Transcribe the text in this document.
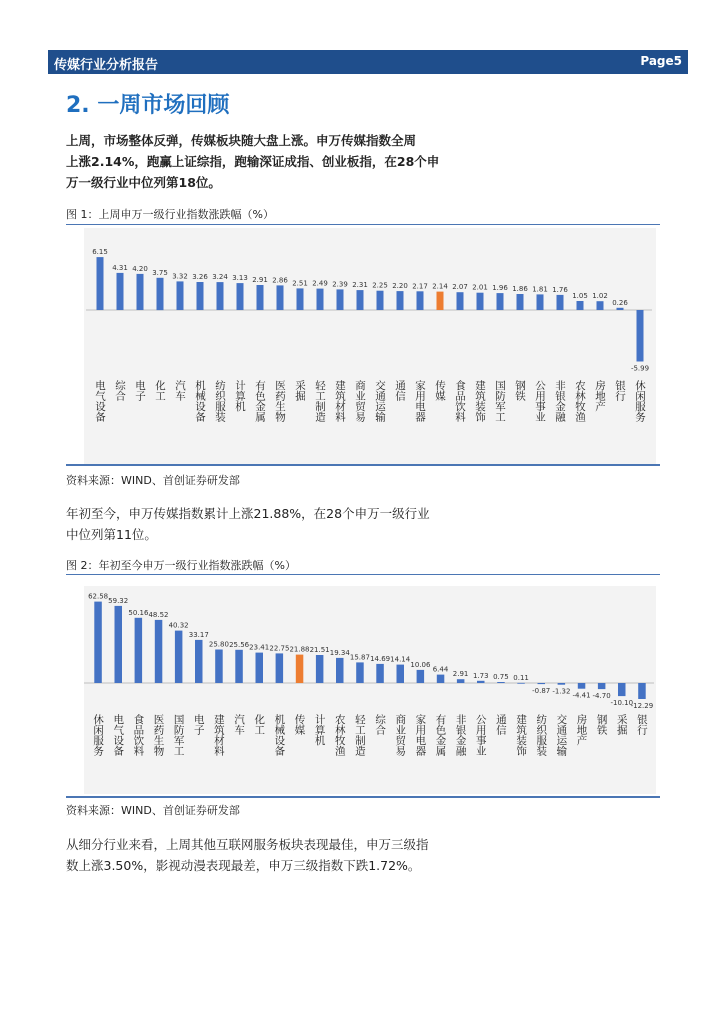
传媒行业分析报告	Page5
2. 一周市场回顾
上周，市场整体反弹，传媒板块随大盘上涨。申万传媒指数全周
上涨2.14%，跑赢上证综指，跑输深证成指、创业板指，在28个申
万一级行业中位列第18位。
图 1：上周申万一级行业指数涨跌幅（%）
6.15
电气设备
4.31
综合
4.20
电子
3.75
化工
3.32
汽车
3.26
机械设备
3.24
纺织服装
3.13
计算机
2.91
有色金属
2.86
医药生物
2.51
采掘
2.49
轻工制造
2.39
建筑材料
2.31
商业贸易
2.25
交通运输
2.20
通信
2.17
家用电器
2.14
传媒
2.07
食品饮料
2.01
建筑装饰
1.96
国防军工
1.86
钢铁
1.81
公用事业
1.76
非银金融
1.05
农林牧渔
1.02
房地产
0.26
银行
-5.99
休闲服务
资料来源：WIND、首创证券研发部
年初至今，申万传媒指数累计上涨21.88%，在28个申万一级行业
中位列第11位。
图 2：年初至今申万一级行业指数涨跌幅（%）
62.58
休闲服务
59.32
电气设备
50.16
食品饮料
48.52
医药生物
40.32
国防军工
33.17
电子
25.80
建筑材料
25.56
汽车
23.41
化工
22.75
机械设备
21.88
传媒
21.51
计算机
19.34
农林牧渔
15.87
轻工制造
14.69
综合
14.14
商业贸易
10.06
家用电器
6.44
有色金属
2.91
非银金融
1.73
公用事业
0.75
通信
0.11
建筑装饰
-0.87
纺织服装
-1.32
交通运输
-4.41
房地产
-4.70
钢铁
-10.10
采掘
-12.29
银行
资料来源：WIND、首创证券研发部
从细分行业来看，上周其他互联网服务板块表现最佳，申万三级指
数上涨3.50%，影视动漫表现最差，申万三级指数下跌1.72%。
